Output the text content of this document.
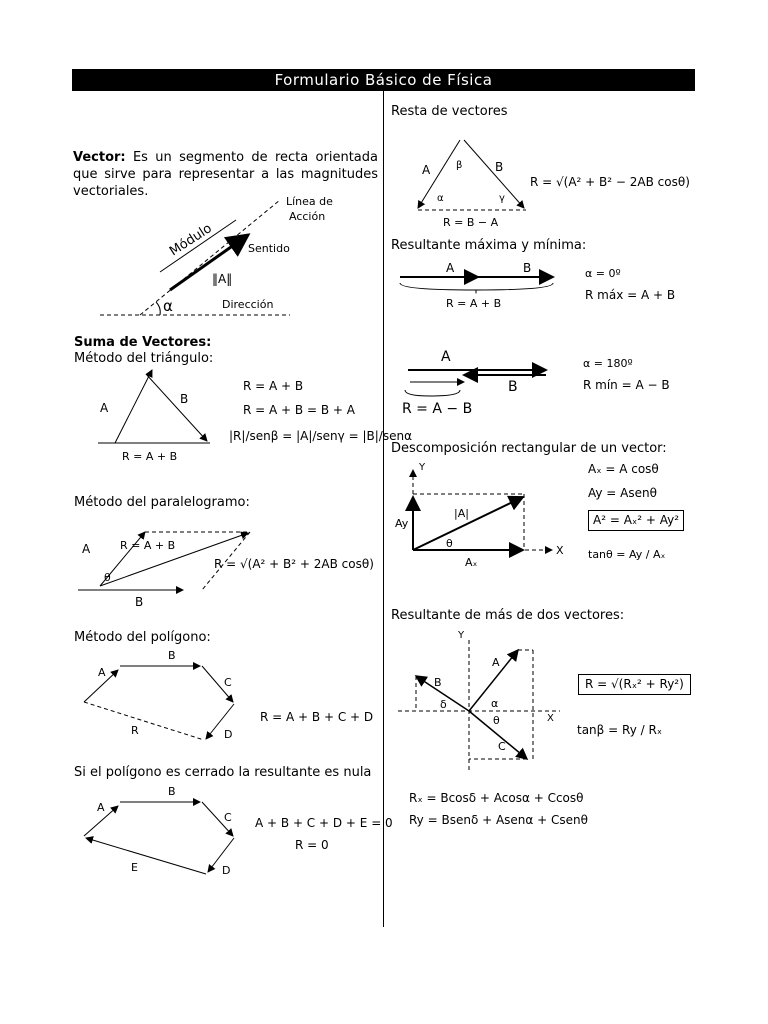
Formulario Básico de Física
Vector: Es un segmento de recta orientada que sirve para representar a las magnitudes vectoriales.
Línea de
Acción
Módulo	Sentido
‖A‖
Dirección
α
A
B
R = A + B
A
B
θ
R = A + B
A
B
C
D
R
A
B
C
D
E
Suma de Vectores:
Método del triángulo:
R = A + B
R = A + B = B + A
|R|/senβ = |A|/senγ = |B|/senα
Método del paralelogramo:
R = √(A² + B² + 2AB cosθ)
Método del polígono:
R = A + B + C + D
Si el polígono es cerrado la resultante es nula
A + B + C + D + E = 0
R = 0
A	B
β
α	γ
R = B − A
A	B
R = A + B
A
B
R = A − B
Y
X
|A|
Ay
Aₓ
θ
Y
X
A
B
C
α
δ
θ
Resta de vectores
R = √(A² + B² − 2AB cosθ)
Resultante máxima y mínima:
α = 0º
R máx = A + B
α = 180º
R mín = A − B
Descomposición rectangular de un vector:
Aₓ = A cosθ
Ay = Asenθ
A² = Aₓ² + Ay²
tanθ = Ay / Aₓ
Resultante de más de dos vectores:
R = √(Rₓ² + Ry²)
tanβ = Ry / Rₓ
Rₓ = Bcosδ + Acosα + Ccosθ
Ry = Bsenδ + Asenα + Csenθ
